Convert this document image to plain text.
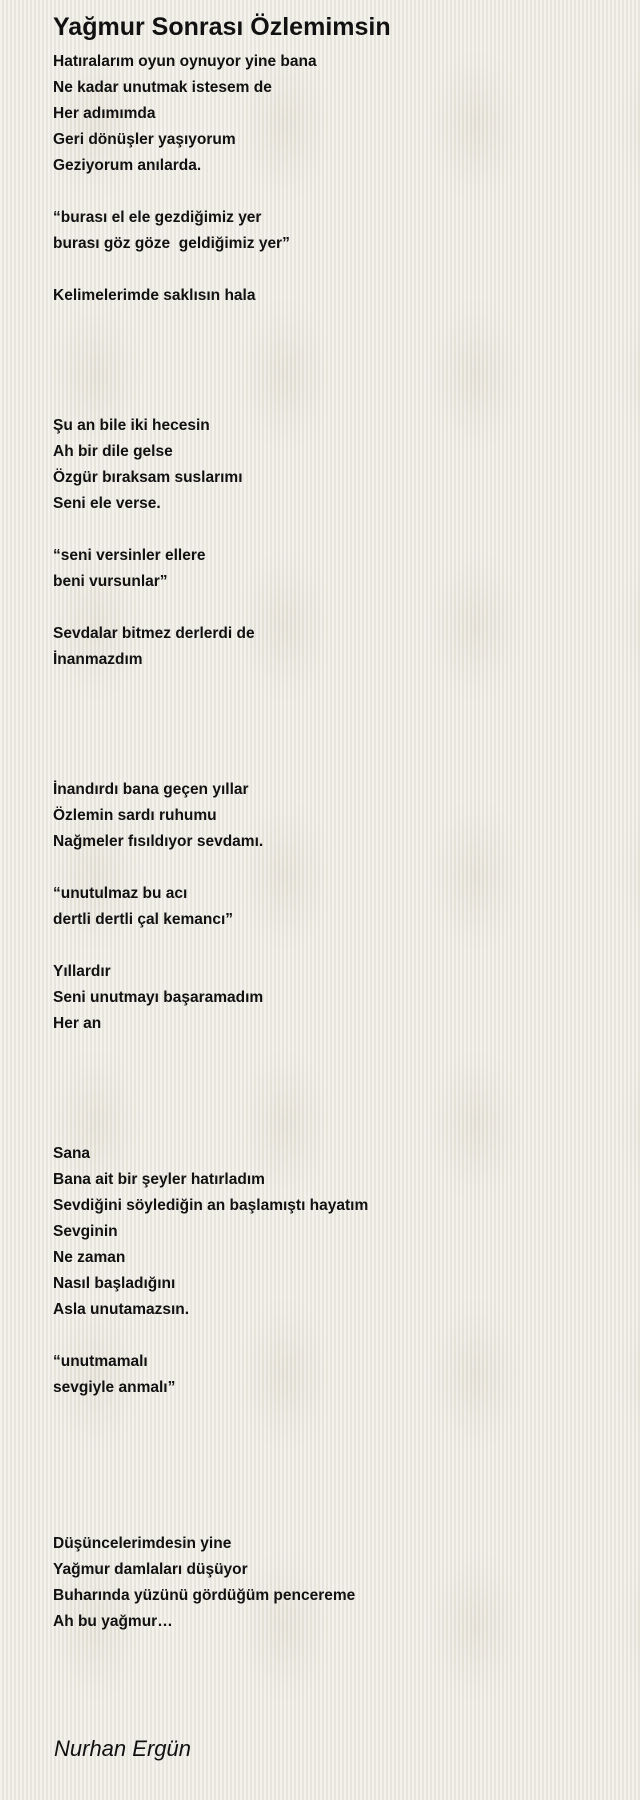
Yağmur Sonrası Özlemimsin
Hatıralarım oyun oynuyor yine bana
Ne kadar unutmak istesem de
Her adımımda
Geri dönüşler yaşıyorum
Geziyorum anılarda.
“burası el ele gezdiğimiz yer
burası göz göze  geldiğimiz yer”
Kelimelerimde saklısın hala
Şu an bile iki hecesin
Ah bir dile gelse
Özgür bıraksam suslarımı
Seni ele verse.
“seni versinler ellere
beni vursunlar”
Sevdalar bitmez derlerdi de
İnanmazdım
İnandırdı bana geçen yıllar
Özlemin sardı ruhumu
Nağmeler fısıldıyor sevdamı.
“unutulmaz bu acı
dertli dertli çal kemancı”
Yıllardır
Seni unutmayı başaramadım
Her an
Sana
Bana ait bir şeyler hatırladım
Sevdiğini söylediğin an başlamıştı hayatım
Sevginin
Ne zaman
Nasıl başladığını
Asla unutamazsın.
“unutmamalı
sevgiyle anmalı”
Düşüncelerimdesin yine
Yağmur damlaları düşüyor
Buharında yüzünü gördüğüm pencereme
Ah bu yağmur…
Nurhan Ergün
